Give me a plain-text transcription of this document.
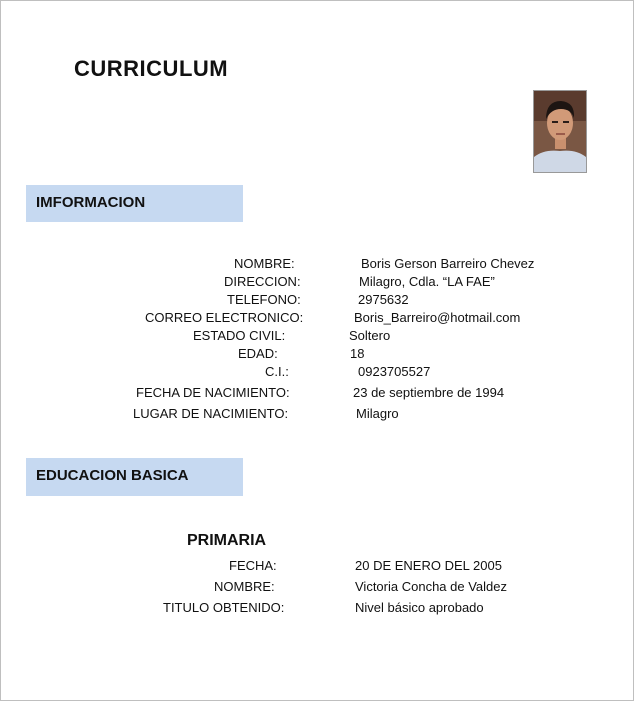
CURRICULUM
IMFORMACION
NOMBRE:	Boris Gerson Barreiro Chevez
DIRECCION:	Milagro, Cdla. “LA FAE”
TELEFONO:	2975632
CORREO ELECTRONICO:	Boris_Barreiro@hotmail.com
ESTADO CIVIL:	Soltero
EDAD:	18
C.I.:	0923705527
FECHA DE NACIMIENTO:	23 de septiembre de 1994
LUGAR DE NACIMIENTO:	Milagro
EDUCACION BASICA
PRIMARIA
FECHA:	20 DE ENERO DEL 2005
NOMBRE:	Victoria Concha de Valdez
TITULO OBTENIDO:	Nivel básico aprobado
